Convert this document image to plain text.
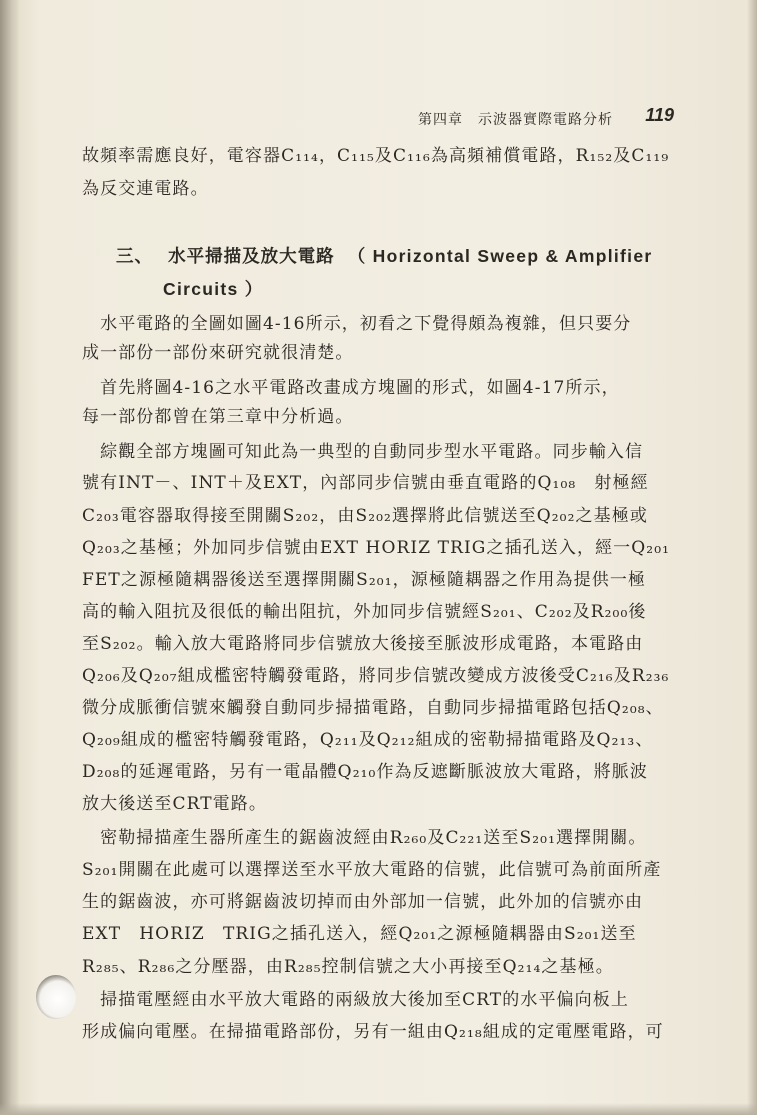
第四章　示波器實際電路分析 119
故頻率需應良好，電容器C₁₁₄，C₁₁₅及C₁₁₆為高頻補償電路，R₁₅₂及C₁₁₉
為反交連電路。
三、 水平掃描及放大電路 （ Horizontal Sweep & Amplifier
Circuits ）
　水平電路的全圖如圖4-16所示，初看之下覺得頗為複雜，但只要分
成一部份一部份來研究就很清楚。
　首先將圖4-16之水平電路改畫成方塊圖的形式，如圖4-17所示，
每一部份都曾在第三章中分析過。
　綜觀全部方塊圖可知此為一典型的自動同步型水平電路。同步輸入信
號有INT－、INT＋及EXT，內部同步信號由垂直電路的Q₁₀₈　射極經
C₂₀₃電容器取得接至開關S₂₀₂，由S₂₀₂選擇將此信號送至Q₂₀₂之基極或
Q₂₀₃之基極；外加同步信號由EXT HORIZ TRIG之插孔送入，經一Q₂₀₁
FET之源極隨耦器後送至選擇開關S₂₀₁，源極隨耦器之作用為提供一極
高的輸入阻抗及很低的輸出阻抗，外加同步信號經S₂₀₁、C₂₀₂及R₂₀₀後
至S₂₀₂。輸入放大電路將同步信號放大後接至脈波形成電路，本電路由
Q₂₀₆及Q₂₀₇組成檻密特觸發電路，將同步信號改變成方波後受C₂₁₆及R₂₃₆
微分成脈衝信號來觸發自動同步掃描電路，自動同步掃描電路包括Q₂₀₈、
Q₂₀₉組成的檻密特觸發電路，Q₂₁₁及Q₂₁₂組成的密勒掃描電路及Q₂₁₃、
D₂₀₈的延遲電路，另有一電晶體Q₂₁₀作為反遮斷脈波放大電路，將脈波
放大後送至CRT電路。
　密勒掃描產生器所產生的鋸齒波經由R₂₆₀及C₂₂₁送至S₂₀₁選擇開關。
S₂₀₁開關在此處可以選擇送至水平放大電路的信號，此信號可為前面所產
生的鋸齒波，亦可將鋸齒波切掉而由外部加一信號，此外加的信號亦由
EXT　HORIZ　TRIG之插孔送入，經Q₂₀₁之源極隨耦器由S₂₀₁送至
R₂₈₅、R₂₈₆之分壓器，由R₂₈₅控制信號之大小再接至Q₂₁₄之基極。
　掃描電壓經由水平放大電路的兩級放大後加至CRT的水平偏向板上
形成偏向電壓。在掃描電路部份，另有一組由Q₂₁₈組成的定電壓電路，可
